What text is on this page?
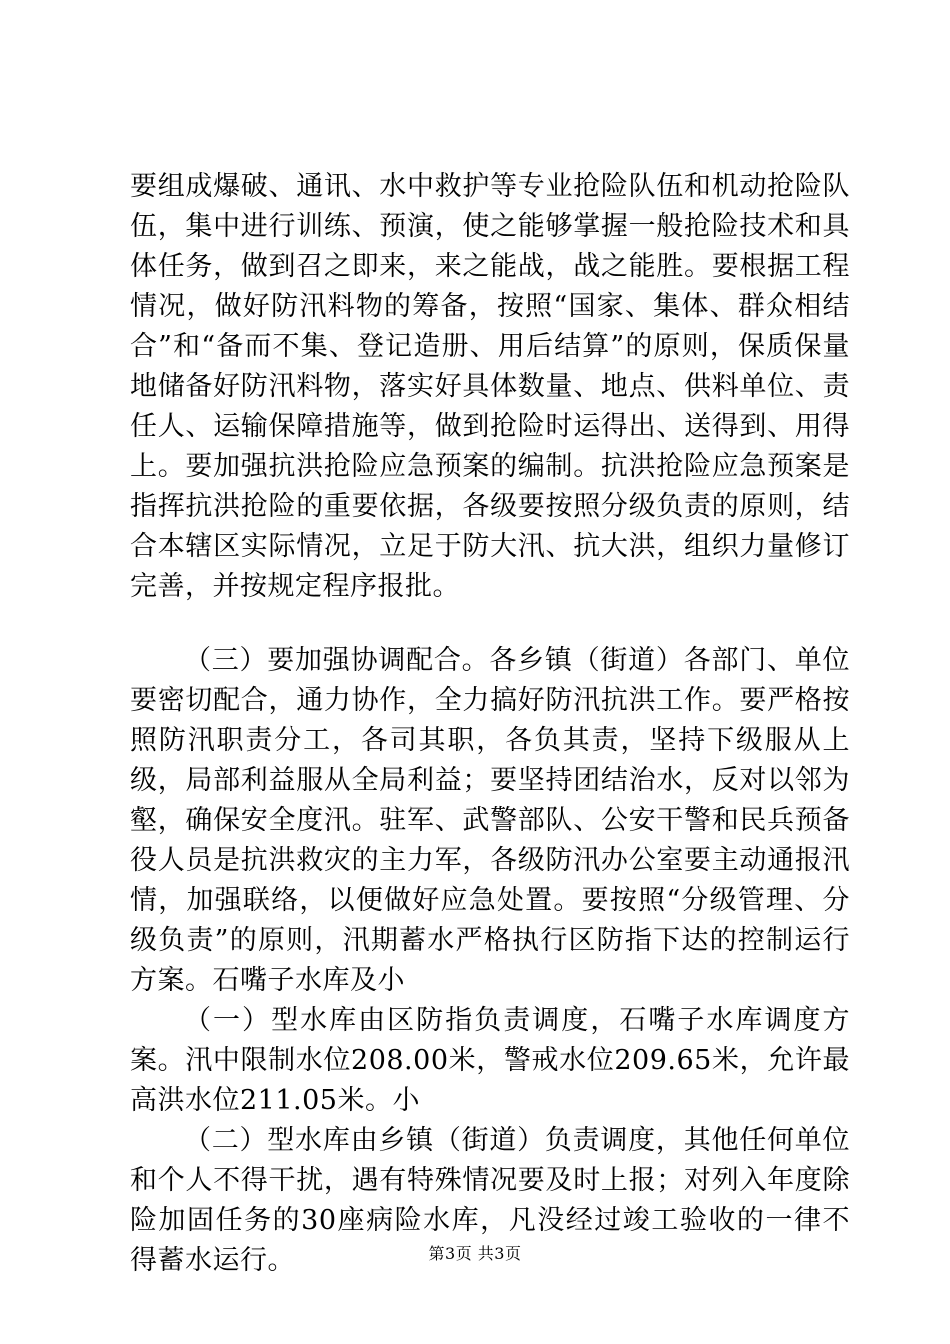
要组成爆破、通讯、水中救护等专业抢险队伍和机动抢险队伍，集中进行训练、预演，使之能够掌握一般抢险技术和具体任务，做到召之即来，来之能战，战之能胜。要根据工程情况，做好防汛料物的筹备，按照“国家、集体、群众相结合”和“备而不集、登记造册、用后结算”的原则，保质保量地储备好防汛料物，落实好具体数量、地点、供料单位、责任人、运输保障措施等，做到抢险时运得出、送得到、用得上。要加强抗洪抢险应急预案的编制。抗洪抢险应急预案是指挥抗洪抢险的重要依据，各级要按照分级负责的原则，结合本辖区实际情况，立足于防大汛、抗大洪，组织力量修订完善，并按规定程序报批。

（三）要加强协调配合。各乡镇（街道）各部门、单位要密切配合，通力协作，全力搞好防汛抗洪工作。要严格按照防汛职责分工，各司其职，各负其责，坚持下级服从上级，局部利益服从全局利益；要坚持团结治水，反对以邻为壑，确保安全度汛。驻军、武警部队、公安干警和民兵预备役人员是抗洪救灾的主力军，各级防汛办公室要主动通报汛情，加强联络，以便做好应急处置。要按照“分级管理、分级负责”的原则，汛期蓄水严格执行区防指下达的控制运行方案。石嘴子水库及小

（一）型水库由区防指负责调度，石嘴子水库调度方案。汛中限制水位208.00米，警戒水位209.65米，允许最高洪水位211.05米。小

（二）型水库由乡镇（街道）负责调度，其他任何单位和个人不得干扰，遇有特殊情况要及时上报；对列入年度除险加固任务的30座病险水库，凡没经过竣工验收的一律不得蓄水运行。	第3页 共3页
